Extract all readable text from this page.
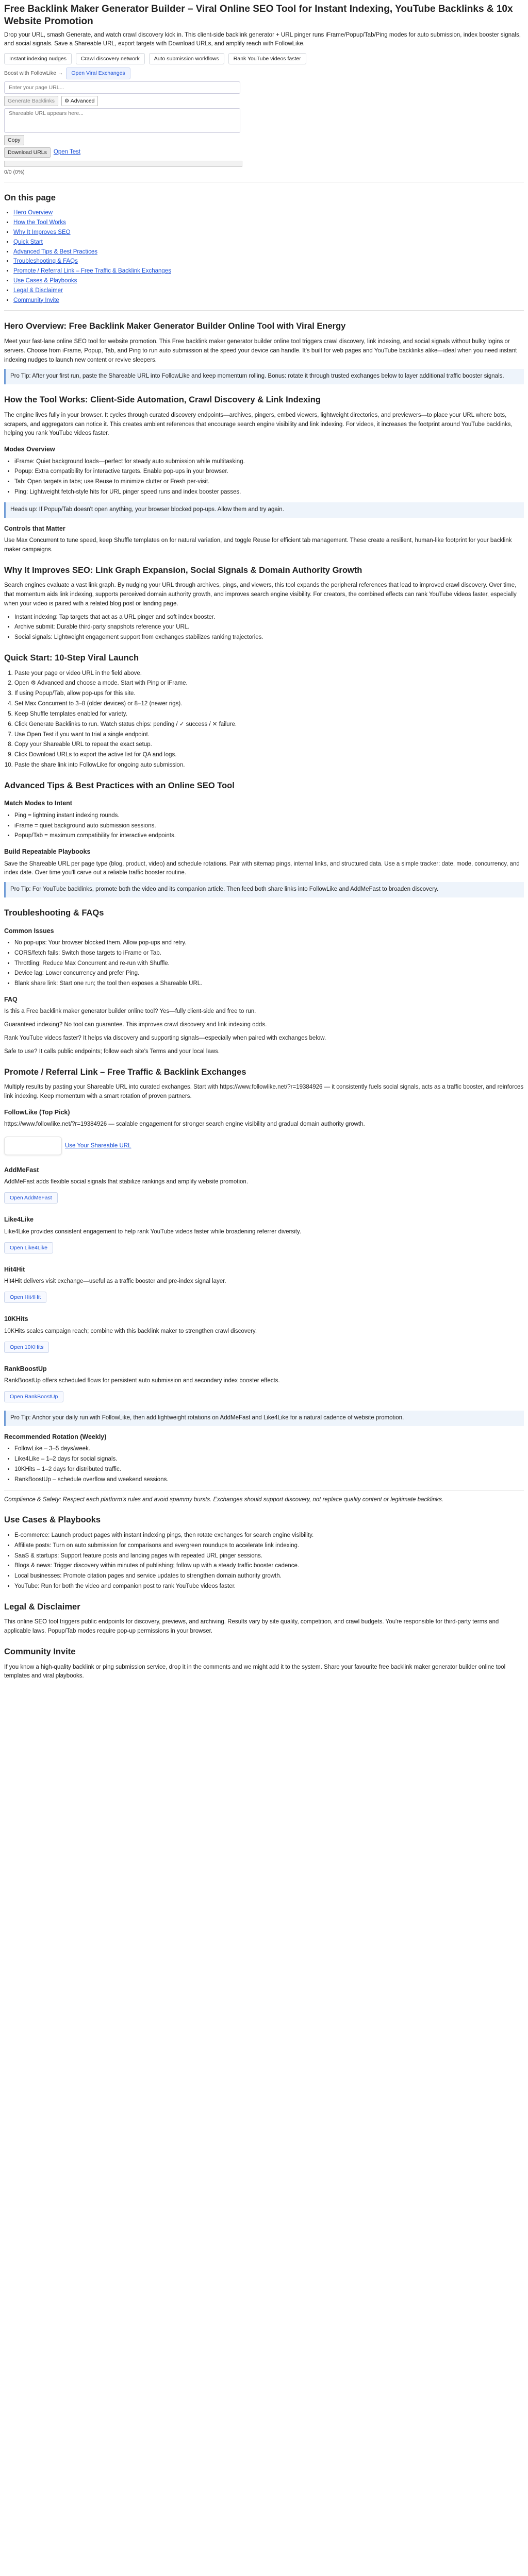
Free Backlink Maker Generator Builder – Viral Online SEO Tool for Instant Indexing, YouTube Backlinks & 10x Website Promotion

Drop your URL, smash Generate, and watch crawl discovery kick in. This client-side backlink generator + URL pinger runs iFrame/Popup/Tab/Ping modes for auto submission, index booster signals, and social signals. Save a Shareable URL, export targets with Download URLs, and amplify reach with FollowLike.

Instant indexing nudges	Crawl discovery network	Auto submission workflows	Rank YouTube videos faster
Boost with FollowLike →	Open Viral Exchanges
Enter your page URL...
Generate Backlinks	⚙ Advanced
Shareable URL appears here...
Copy
Download URLs	Open Test
0/0 (0%)
On this page
• Hero Overview
• How the Tool Works
• Why It Improves SEO
• Quick Start
• Advanced Tips & Best Practices
• Troubleshooting & FAQs
• Promote / Referral Link – Free Traffic & Backlink Exchanges
• Use Cases & Playbooks
• Legal & Disclaimer
• Community Invite
Hero Overview: Free Backlink Maker Generator Builder Online Tool with Viral Energy

Meet your fast-lane online SEO tool for website promotion. This Free backlink maker generator builder online tool triggers crawl discovery, link indexing, and social signals without bulky logins or servers. Choose from iFrame, Popup, Tab, and Ping to run auto submission at the speed your device can handle. It's built for web pages and YouTube backlinks alike—ideal when you need instant indexing nudges to launch new content or revive sleepers.

Pro Tip: After your first run, paste the Shareable URL into FollowLike and keep momentum rolling. Bonus: rotate it through trusted exchanges below to layer additional traffic booster signals.
How the Tool Works: Client-Side Automation, Crawl Discovery & Link Indexing

The engine lives fully in your browser. It cycles through curated discovery endpoints—archives, pingers, embed viewers, lightweight directories, and previewers—to place your URL where bots, scrapers, and aggregators can notice it. This creates ambient references that encourage search engine visibility and link indexing. For videos, it increases the footprint around YouTube backlinks, helping you rank YouTube videos faster.

Modes Overview
• iFrame: Quiet background loads—perfect for steady auto submission while multitasking.
• Popup: Extra compatibility for interactive targets. Enable pop-ups in your browser.
• Tab: Open targets in tabs; use Reuse to minimize clutter or Fresh per-visit.
• Ping: Lightweight fetch-style hits for URL pinger speed runs and index booster passes.
Heads up: If Popup/Tab doesn't open anything, your browser blocked pop-ups. Allow them and try again.
Controls that Matter

Use Max Concurrent to tune speed, keep Shuffle templates on for natural variation, and toggle Reuse for efficient tab management. These create a resilient, human-like footprint for your backlink maker campaigns.

Why It Improves SEO: Link Graph Expansion, Social Signals & Domain Authority Growth

Search engines evaluate a vast link graph. By nudging your URL through archives, pings, and viewers, this tool expands the peripheral references that lead to improved crawl discovery. Over time, that momentum aids link indexing, supports perceived domain authority growth, and improves search engine visibility. For creators, the combined effects can rank YouTube videos faster, especially when your video is paired with a related blog post or landing page.

• Instant indexing: Tap targets that act as a URL pinger and soft index booster.
• Archive submit: Durable third-party snapshots reference your URL.
• Social signals: Lightweight engagement support from exchanges stabilizes ranking trajectories.
Quick Start: 10-Step Viral Launch
1. Paste your page or video URL in the field above.
2. Open ⚙ Advanced and choose a mode. Start with Ping or iFrame.
3. If using Popup/Tab, allow pop-ups for this site.
4. Set Max Concurrent to 3–8 (older devices) or 8–12 (newer rigs).
5. Keep Shuffle templates enabled for variety.
6. Click Generate Backlinks to run. Watch status chips: pending / ✓ success / ✕ failure.
7. Use Open Test if you want to trial a single endpoint.
8. Copy your Shareable URL to repeat the exact setup.
9. Click Download URLs to export the active list for QA and logs.
10. Paste the share link into FollowLike for ongoing auto submission.
Advanced Tips & Best Practices with an Online SEO Tool
Match Modes to Intent
• Ping = lightning instant indexing rounds.
• iFrame = quiet background auto submission sessions.
• Popup/Tab = maximum compatibility for interactive endpoints.
Build Repeatable Playbooks

Save the Shareable URL per page type (blog, product, video) and schedule rotations. Pair with sitemap pings, internal links, and structured data. Use a simple tracker: date, mode, concurrency, and index date. Over time you'll carve out a reliable traffic booster routine.

Pro Tip: For YouTube backlinks, promote both the video and its companion article. Then feed both share links into FollowLike and AddMeFast to broaden discovery.
Troubleshooting & FAQs
Common Issues
• No pop-ups: Your browser blocked them. Allow pop-ups and retry.
• CORS/fetch fails: Switch those targets to iFrame or Tab.
• Throttling: Reduce Max Concurrent and re-run with Shuffle.
• Device lag: Lower concurrency and prefer Ping.
• Blank share link: Start one run; the tool then exposes a Shareable URL.
FAQ

Is this a Free backlink maker generator builder online tool? Yes—fully client-side and free to run.

Guaranteed indexing? No tool can guarantee. This improves crawl discovery and link indexing odds.

Rank YouTube videos faster? It helps via discovery and supporting signals—especially when paired with exchanges below.

Safe to use? It calls public endpoints; follow each site's Terms and your local laws.

Promote / Referral Link – Free Traffic & Backlink Exchanges

Multiply results by pasting your Shareable URL into curated exchanges. Start with https://www.followlike.net/?r=19384926 — it consistently fuels social signals, acts as a traffic booster, and reinforces link indexing. Keep momentum with a smart rotation of proven partners.

FollowLike (Top Pick)

https://www.followlike.net/?r=19384926 — scalable engagement for stronger search engine visibility and gradual domain authority growth.

Use Your Shareable URL
AddMeFast

AddMeFast adds flexible social signals that stabilize rankings and amplify website promotion.

Open AddMeFast
Like4Like

Like4Like provides consistent engagement to help rank YouTube videos faster while broadening referrer diversity.

Open Like4Like
Hit4Hit

Hit4Hit delivers visit exchange—useful as a traffic booster and pre-index signal layer.

Open Hit4Hit
10KHits

10KHits scales campaign reach; combine with this backlink maker to strengthen crawl discovery.

Open 10KHits
RankBoostUp

RankBoostUp offers scheduled flows for persistent auto submission and secondary index booster effects.

Open RankBoostUp
Pro Tip: Anchor your daily run with FollowLike, then add lightweight rotations on AddMeFast and Like4Like for a natural cadence of website promotion.
Recommended Rotation (Weekly)
• FollowLike – 3–5 days/week.
• Like4Like – 1–2 days for social signals.
• 10KHits – 1–2 days for distributed traffic.
• RankBoostUp – schedule overflow and weekend sessions.

Compliance & Safety: Respect each platform's rules and avoid spammy bursts. Exchanges should support discovery, not replace quality content or legitimate backlinks.

Use Cases & Playbooks
• E-commerce: Launch product pages with instant indexing pings, then rotate exchanges for search engine visibility.
• Affiliate posts: Turn on auto submission for comparisons and evergreen roundups to accelerate link indexing.
• SaaS & startups: Support feature posts and landing pages with repeated URL pinger sessions.
• Blogs & news: Trigger discovery within minutes of publishing; follow up with a steady traffic booster cadence.
• Local businesses: Promote citation pages and service updates to strengthen domain authority growth.
• YouTube: Run for both the video and companion post to rank YouTube videos faster.
Legal & Disclaimer

This online SEO tool triggers public endpoints for discovery, previews, and archiving. Results vary by site quality, competition, and crawl budgets. You're responsible for third-party terms and applicable laws. Popup/Tab modes require pop-up permissions in your browser.

Community Invite

If you know a high-quality backlink or ping submission service, drop it in the comments and we might add it to the system. Share your favourite free backlink maker generator builder online tool templates and viral playbooks.
